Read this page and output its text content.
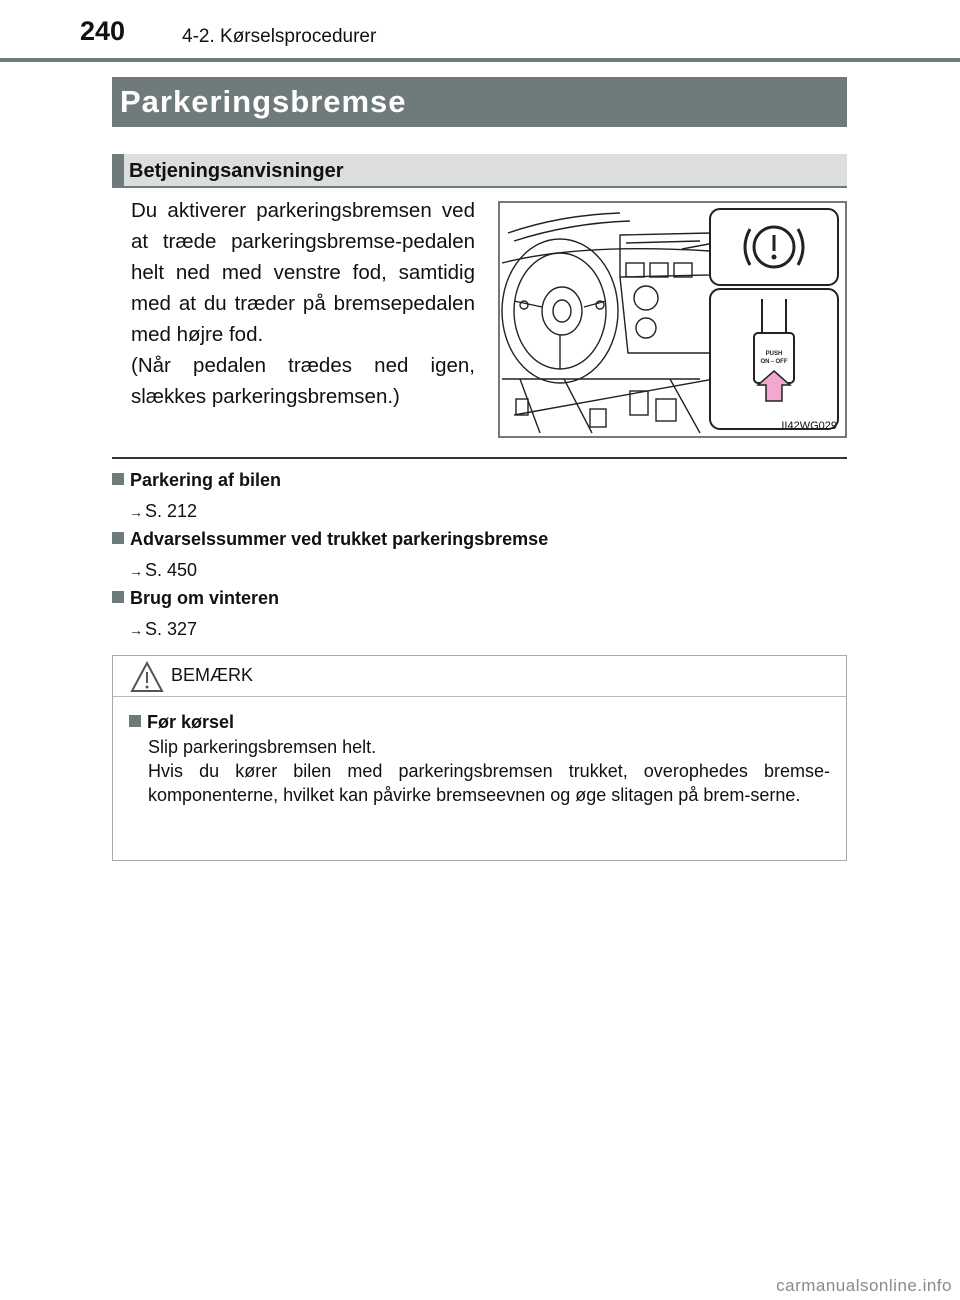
240	4-2. Kørselsprocedurer
Parkeringsbremse
Betjeningsanvisninger

Du aktiverer parkeringsbremsen ved at træde parkeringsbremse-pedalen helt ned med venstre fod, samtidig med at du træder på bremsepedalen med højre fod.

(Når pedalen trædes ned igen, slækkes parkeringsbremsen.)

PUSH
ON⇔OFF
II42WG029
Parkering af bilen
→ S. 212
Advarselssummer ved trukket parkeringsbremse
→ S. 450
Brug om vinteren
→ S. 327
BEMÆRK
Før kørsel

Slip parkeringsbremsen helt.

Hvis du kører bilen med parkeringsbremsen trukket, overophedes bremse-komponenterne, hvilket kan påvirke bremseevnen og øge slitagen på brem-serne.

carmanualsonline.info
